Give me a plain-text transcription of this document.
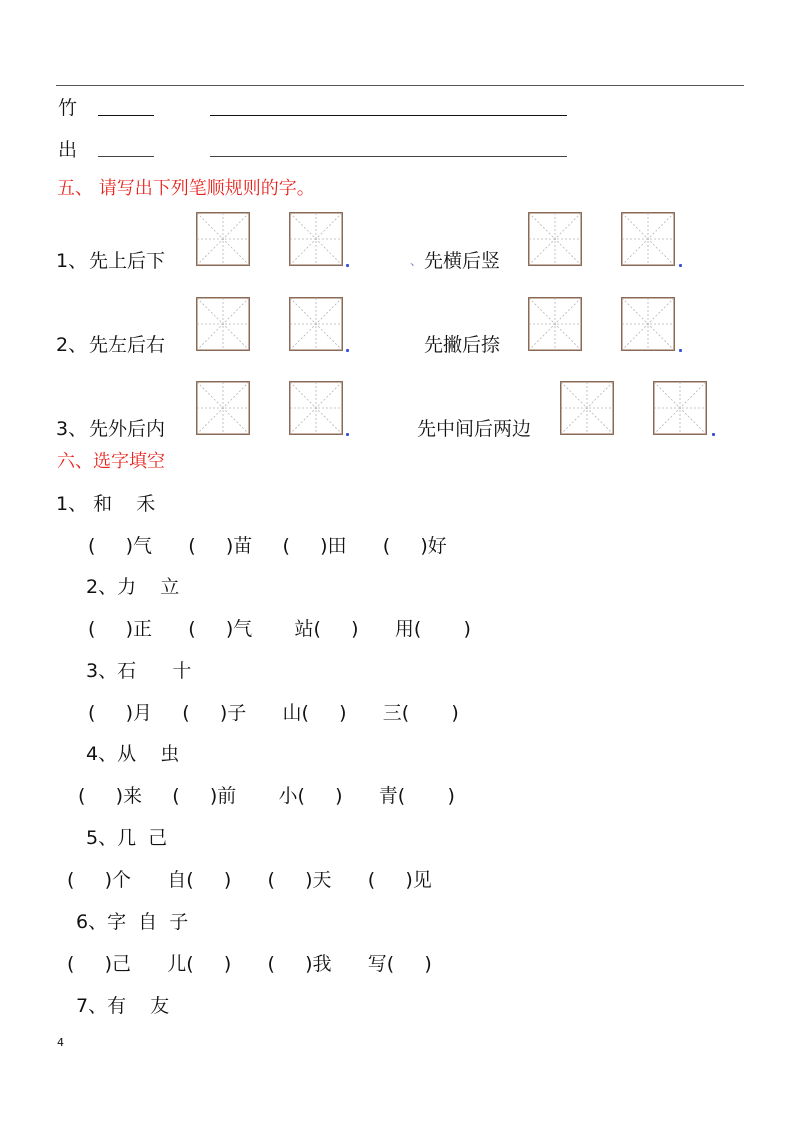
竹
出
五、 请写出下列笔顺规则的字。
1、 先上后下	、 先横后竖
2、 先左后右	先撇后捺
3、 先外后内	先中间后两边
六、选字填空
1、 和    禾
(     )气      (     )苗     (     )田      (     )好
2、力    立
(     )正      (     )气       站(     )      用(       )
3、石      十
(     )月     (     )子      山(     )      三(       )
4、从    虫
(     )来     (     )前       小(     )      青(       )
5、几  己
(     )个      自(     )      (     )天      (     )见
6、字  自  子
(     )己      儿(     )      (     )我      写(     )
7、有    友
4
